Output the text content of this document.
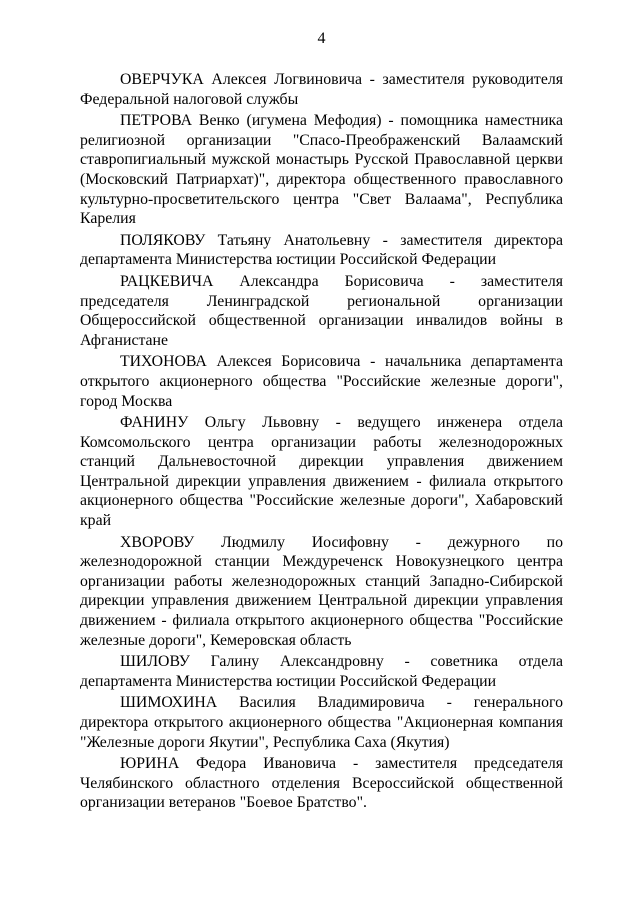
4

ОВЕРЧУКА Алексея Логвиновича - заместителя руководителя Федеральной налоговой службы

ПЕТРОВА Венко (игумена Мефодия) - помощника наместника религиозной организации "Спасо-Преображенский Валаамский ставропигиальный мужской монастырь Русской Православной церкви (Московский Патриархат)", директора общественного православного культурно-просветительского центра "Свет Валаама", Республика Карелия

ПОЛЯКОВУ Татьяну Анатольевну - заместителя директора департамента Министерства юстиции Российской Федерации

РАЦКЕВИЧА Александра Борисовича - заместителя председателя Ленинградской региональной организации Общероссийской общественной организации инвалидов войны в Афганистане

ТИХОНОВА Алексея Борисовича - начальника департамента открытого акционерного общества "Российские железные дороги", город Москва

ФАНИНУ Ольгу Львовну - ведущего инженера отдела Комсомольского центра организации работы железнодорожных станций Дальневосточной дирекции управления движением Центральной дирекции управления движением - филиала открытого акционерного общества "Российские железные дороги", Хабаровский край

ХВОРОВУ Людмилу Иосифовну - дежурного по железнодорожной станции Междуреченск Новокузнецкого центра организации работы железнодорожных станций Западно-Сибирской дирекции управления движением Центральной дирекции управления движением - филиала открытого акционерного общества "Российские железные дороги", Кемеровская область

ШИЛОВУ Галину Александровну - советника отдела департамента Министерства юстиции Российской Федерации

ШИМОХИНА Василия Владимировича - генерального директора открытого акционерного общества "Акционерная компания "Железные дороги Якутии", Республика Саха (Якутия)

ЮРИНА Федора Ивановича - заместителя председателя Челябинского областного отделения Всероссийской общественной организации ветеранов "Боевое Братство".
